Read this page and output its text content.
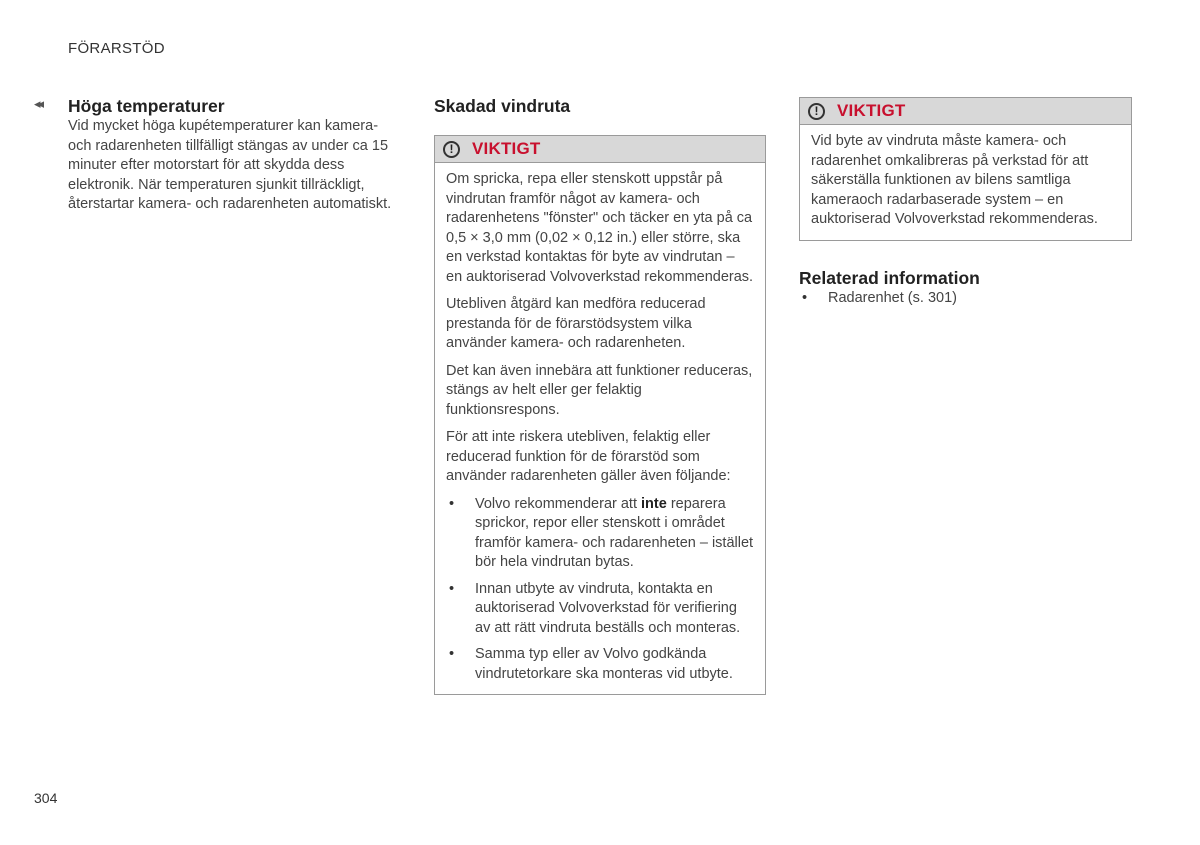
FÖRARSTÖD
◂◂ Höga temperaturer

Vid mycket höga kupétemperaturer kan kamera- och radarenheten tillfälligt stängas av under ca 15 minuter efter motorstart för att skydda dess elektronik. När temperaturen sjunkit tillräckligt, återstartar kamera- och radarenheten automatiskt.

Skadad vindruta
!	VIKTIGT

Om spricka, repa eller stenskott uppstår på vindrutan framför något av kamera- och radarenhetens "fönster" och täcker en yta på ca 0,5 × 3,0 mm (0,02 × 0,12 in.) eller större, ska en verkstad kontaktas för byte av vindrutan – en auktoriserad Volvoverkstad rekommenderas.

Utebliven åtgärd kan medföra reducerad prestanda för de förarstödsystem vilka använder kamera- och radarenheten.

Det kan även innebära att funktioner reduceras, stängs av helt eller ger felaktig funktionsrespons.

För att inte riskera utebliven, felaktig eller reducerad funktion för de förarstöd som använder radarenheten gäller även följande:

• Volvo rekommenderar att inte reparera sprickor, repor eller stenskott i området framför kamera- och radarenheten – istället bör hela vindrutan bytas.
• Innan utbyte av vindruta, kontakta en auktoriserad Volvoverkstad för verifiering av att rätt vindruta beställs och monteras.
• Samma typ eller av Volvo godkända vindrutetorkare ska monteras vid utbyte.
!	VIKTIGT

Vid byte av vindruta måste kamera- och radarenhet omkalibreras på verkstad för att säkerställa funktionen av bilens samtliga kameraoch radarbaserade system – en auktoriserad Volvoverkstad rekommenderas.

Relaterad information
• Radarenhet (s. 301)
304
